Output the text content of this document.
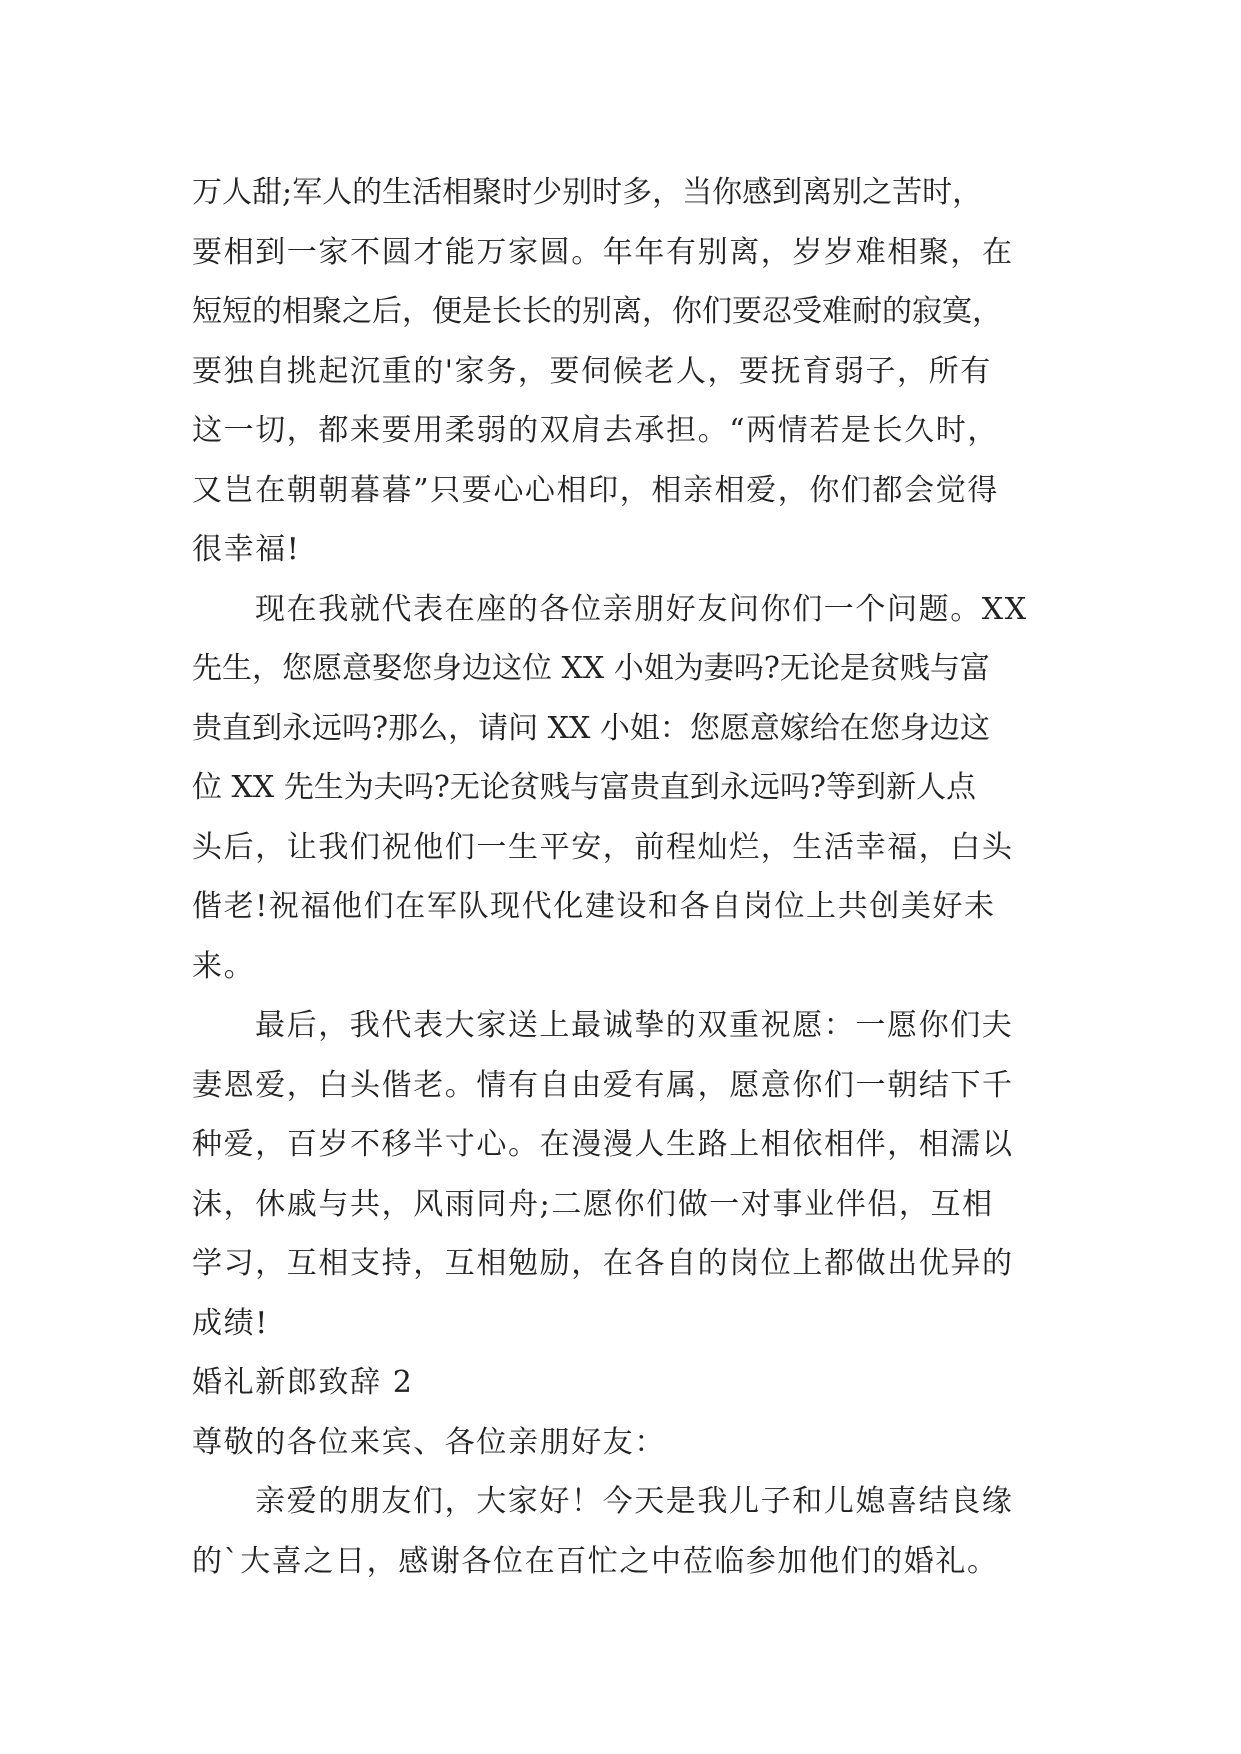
万人甜;军人的生活相聚时少别时多，当你感到离别之苦时，
要相到一家不圆才能万家圆。年年有别离，岁岁难相聚，在
短短的相聚之后，便是长长的别离，你们要忍受难耐的寂寞，
要独自挑起沉重的'家务，要伺候老人，要抚育弱子，所有
这一切，都来要用柔弱的双肩去承担。“两情若是长久时，
又岂在朝朝暮暮”只要心心相印，相亲相爱，你们都会觉得
很幸福!
现在我就代表在座的各位亲朋好友问你们一个问题。XX
先生，您愿意娶您身边这位 XX 小姐为妻吗?无论是贫贱与富
贵直到永远吗?那么，请问 XX 小姐：您愿意嫁给在您身边这
位 XX 先生为夫吗?无论贫贱与富贵直到永远吗?等到新人点
头后，让我们祝他们一生平安，前程灿烂，生活幸福，白头
偕老!祝福他们在军队现代化建设和各自岗位上共创美好未
来。
最后，我代表大家送上最诚挚的双重祝愿：一愿你们夫
妻恩爱，白头偕老。情有自由爱有属，愿意你们一朝结下千
种爱，百岁不移半寸心。在漫漫人生路上相依相伴，相濡以
沫，休戚与共，风雨同舟;二愿你们做一对事业伴侣，互相
学习，互相支持，互相勉励，在各自的岗位上都做出优异的
成绩!
婚礼新郎致辞 2
尊敬的各位来宾、各位亲朋好友：
亲爱的朋友们，大家好！今天是我儿子和儿媳喜结良缘
的`大喜之日，感谢各位在百忙之中莅临参加他们的婚礼。
